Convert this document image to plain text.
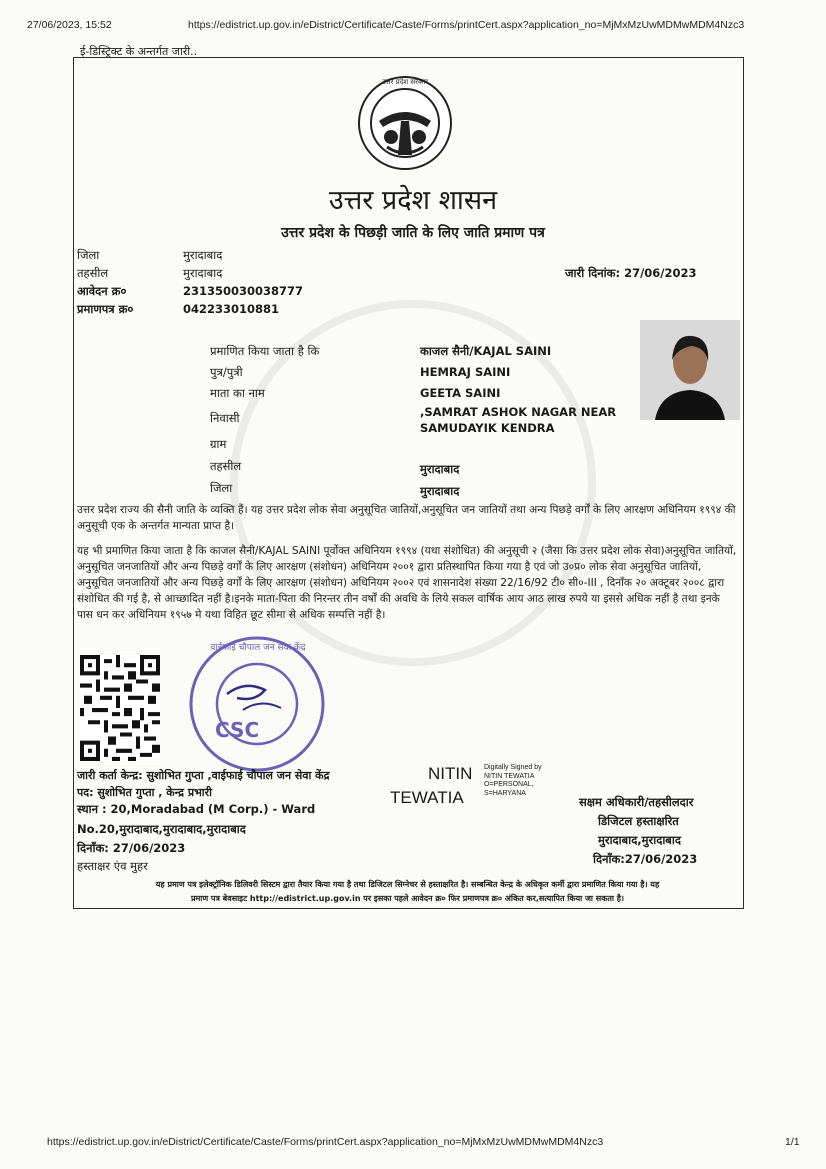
27/06/2023, 15:52	https://edistrict.up.gov.in/eDistrict/Certificate/Caste/Forms/printCert.aspx?application_no=MjMxMzUwMDMwMDM4Nzc3
ई-डिस्ट्रिक्ट के अन्तर्गत जारी..
उत्तर प्रदेश सरकार
उत्तर प्रदेश शासन
उत्तर प्रदेश के पिछड़ी जाति के लिए जाति प्रमाण पत्र
जिला	मुरादाबाद
तहसील	मुरादाबाद
आवेदन क्र०	231350030038777
प्रमाणपत्र क्र०	042233010881
जारी दिनांक: 27/06/2023
प्रमाणित किया जाता है कि	काजल सैनी/KAJAL SAINI
पुत्र/पुत्री	HEMRAJ SAINI
माता का नाम	GEETA SAINI
निवासी	,SAMRAT ASHOK NAGAR NEAR SAMUDAYIK KENDRA
ग्राम
तहसील	मुरादाबाद
जिला	मुरादाबाद
उत्तर प्रदेश राज्य की सैनी जाति के व्यक्ति हैं। यह उत्तर प्रदेश लोक सेवा अनुसूचित जातियों,अनुसूचित जन जातियों तथा अन्य पिछड़े वर्गों के लिए आरक्षण अधिनियम १९९४ की अनुसूची एक के अन्तर्गत मान्यता प्राप्त है।
यह भी प्रमाणित किया जाता है कि काजल सैनी/KAJAL SAINI पूर्वोक्त अधिनियम १९९४ (यथा संशोधित) की अनुसूची २ (जैसा कि उत्तर प्रदेश लोक सेवा)अनुसूचित जातियों, अनुसूचित जनजातियों और अन्य पिछड़े वर्गों के लिए आरक्षण (संशोधन) अधिनियम २००१ द्वारा प्रतिस्थापित किया गया है एवं जो उ०प्र० लोक सेवा अनुसूचित जातियों, अनुसूचित जनजातियों और अन्य पिछड़े वर्गों के लिए आरक्षण (संशोधन) अधिनियम २००२ एवं शासनादेश संख्या 22/16/92 टी० सी०-III , दिनाँक २० अक्टूबर २००८ द्वारा संशोधित की गई है, से आच्छादित नहीं है।इनके माता-पिता की निरन्तर तीन वर्षों की अवधि के लिये सकल वार्षिक आय आठ लाख रुपये या इससे अधिक नहीं है तथा इनके पास धन कर अधिनियम १९५७ मे यथा विहित छूट सीमा से अधिक सम्पत्ति नहीं है।
CSC
वाईफाई चौपाल जन सेवा केंद्र
जारी कर्ता केन्द्र: सुशोभित गुप्ता ,वाईफाई चौपाल जन सेवा केंद्र
पद: सुशोभित गुप्ता , केन्द्र प्रभारी
स्थान : 20,Moradabad (M Corp.) - Ward
No.20,मुरादाबाद,मुरादाबाद,मुरादाबाद
दिनाँक: 27/06/2023
हस्ताक्षर एंव मुहर
NITIN
TEWATIA
Digitally Signed by
NITIN TEWATIA
O=PERSONAL,
S=HARYANA
सक्षम अधिकारी/तहसीलदार
डिजिटल हस्ताक्षरित
मुरादाबाद,मुरादाबाद
दिनाँक:27/06/2023
यह प्रमाण पत्र इलेक्ट्रॉनिक डिलिवरी सिस्टम द्वारा तैयार किया गया है तथा डिजिटल सिग्नेचर से हस्ताक्षरित है। सम्बन्धित केन्द्र के अधिकृत कर्मी द्वारा प्रमाणित किया गया है। यह
प्रमाण पत्र बेवसाइट http://edistrict.up.gov.in पर इसका पहले आवेदन क्र० फिर प्रमाणपत्र क्र० अंकित कर,सत्यापित किया जा सकता है।
https://edistrict.up.gov.in/eDistrict/Certificate/Caste/Forms/printCert.aspx?application_no=MjMxMzUwMDMwMDM4Nzc3	1/1
